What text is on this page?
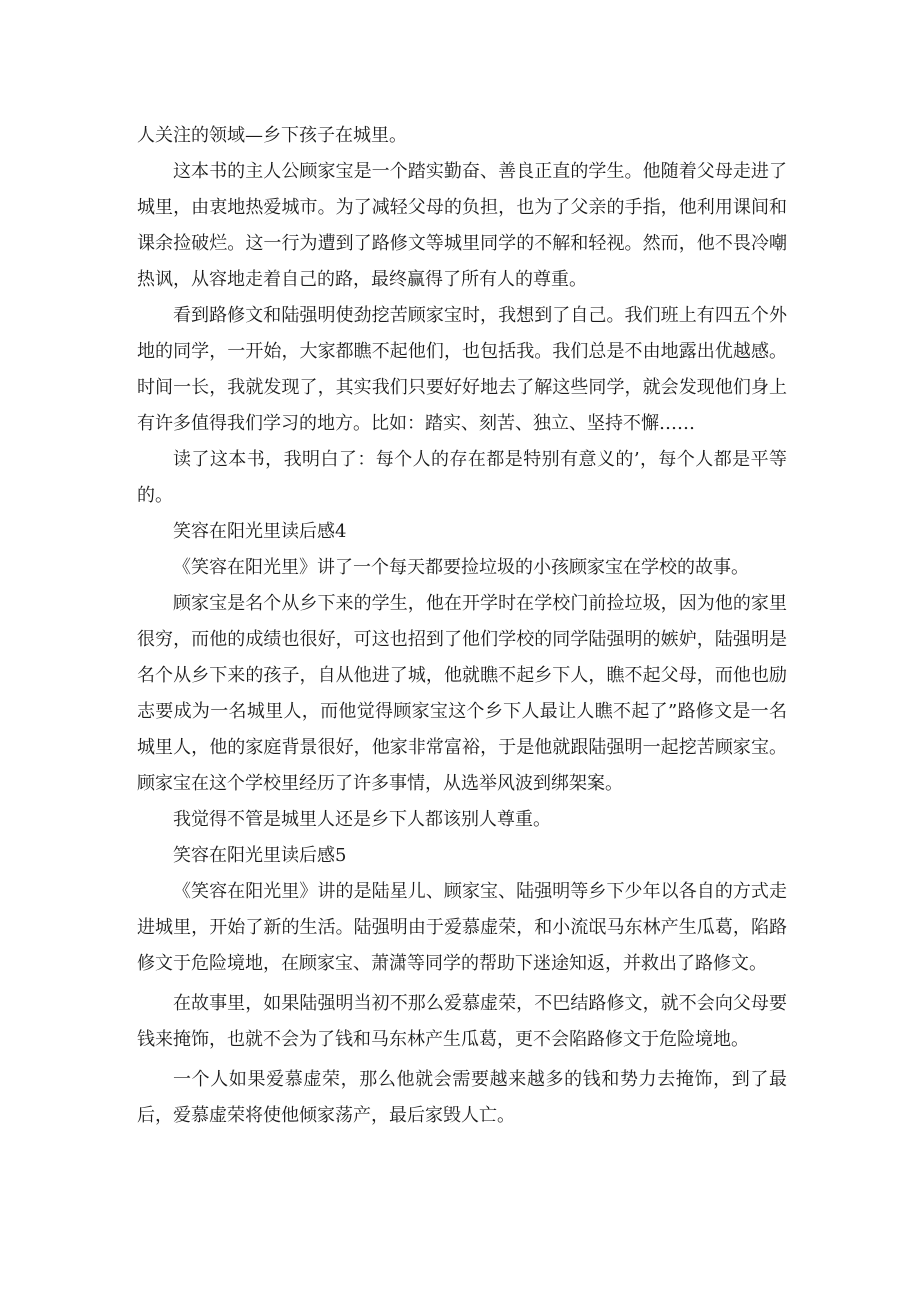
人关注的领域—乡下孩子在城里。

这本书的主人公顾家宝是一个踏实勤奋、善良正直的学生。他随着父母走进了城里，由衷地热爱城市。为了减轻父母的负担，也为了父亲的手指，他利用课间和课余捡破烂。这一行为遭到了路修文等城里同学的不解和轻视。然而，他不畏冷嘲热讽，从容地走着自己的路，最终赢得了所有人的尊重。

看到路修文和陆强明使劲挖苦顾家宝时，我想到了自己。我们班上有四五个外地的同学，一开始，大家都瞧不起他们，也包括我。我们总是不由地露出优越感。时间一长，我就发现了，其实我们只要好好地去了解这些同学，就会发现他们身上有许多值得我们学习的地方。比如：踏实、刻苦、独立、坚持不懈……

读了这本书，我明白了：每个人的存在都是特别有意义的’，每个人都是平等的。

笑容在阳光里读后感4

《笑容在阳光里》讲了一个每天都要捡垃圾的小孩顾家宝在学校的故事。

顾家宝是名个从乡下来的学生，他在开学时在学校门前捡垃圾，因为他的家里很穷，而他的成绩也很好，可这也招到了他们学校的同学陆强明的嫉妒，陆强明是名个从乡下来的孩子，自从他进了城，他就瞧不起乡下人，瞧不起父母，而他也励志要成为一名城里人，而他觉得顾家宝这个乡下人最让人瞧不起了”路修文是一名城里人，他的家庭背景很好，他家非常富裕，于是他就跟陆强明一起挖苦顾家宝。顾家宝在这个学校里经历了许多事情，从选举风波到绑架案。

我觉得不管是城里人还是乡下人都该别人尊重。

笑容在阳光里读后感5

《笑容在阳光里》讲的是陆星儿、顾家宝、陆强明等乡下少年以各自的方式走进城里，开始了新的生活。陆强明由于爱慕虚荣，和小流氓马东林产生瓜葛，陷路修文于危险境地，在顾家宝、萧潇等同学的帮助下迷途知返，并救出了路修文。

在故事里，如果陆强明当初不那么爱慕虚荣，不巴结路修文，就不会向父母要钱来掩饰，也就不会为了钱和马东林产生瓜葛，更不会陷路修文于危险境地。

一个人如果爱慕虚荣，那么他就会需要越来越多的钱和势力去掩饰，到了最后，爱慕虚荣将使他倾家荡产，最后家毁人亡。
